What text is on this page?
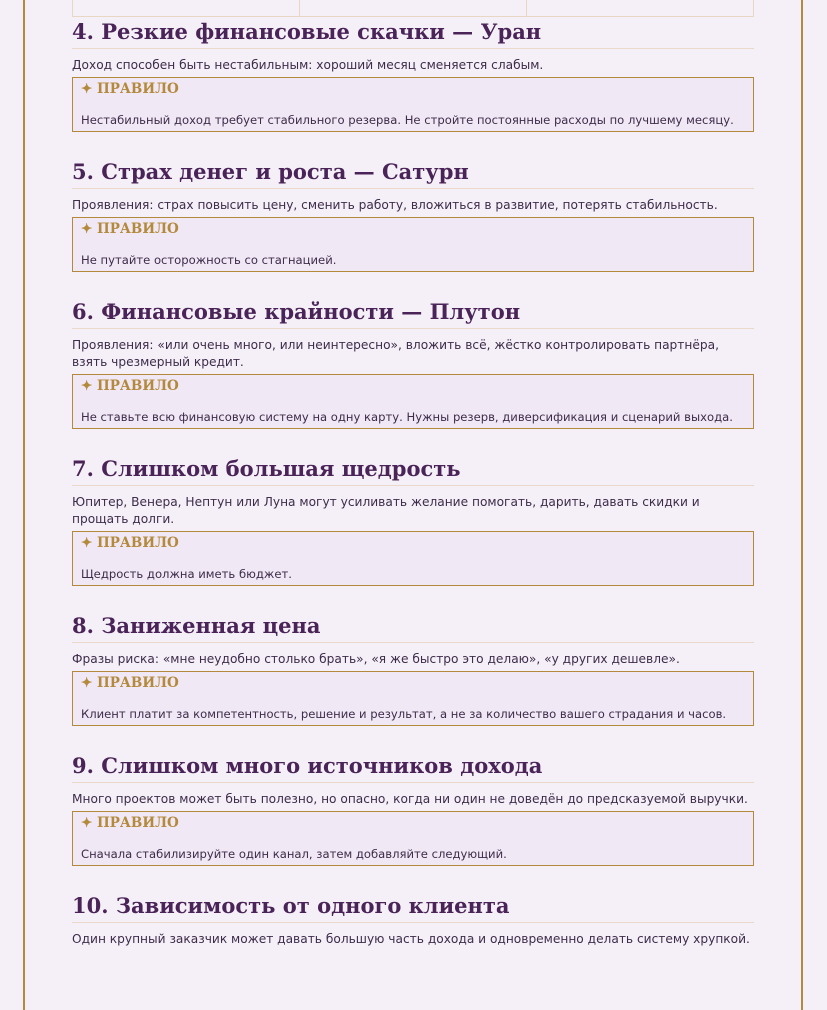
4. Резкие финансовые скачки — Уран
Доход способен быть нестабильным: хороший месяц сменяется слабым.
✦ ПРАВИЛО
Нестабильный доход требует стабильного резерва. Не стройте постоянные расходы по лучшему месяцу.
5. Страх денег и роста — Сатурн
Проявления: страх повысить цену, сменить работу, вложиться в развитие, потерять стабильность.
✦ ПРАВИЛО
Не путайте осторожность со стагнацией.
6. Финансовые крайности — Плутон
Проявления: «или очень много, или неинтересно», вложить всё, жёстко контролировать партнёра, взять чрезмерный кредит.
✦ ПРАВИЛО
Не ставьте всю финансовую систему на одну карту. Нужны резерв, диверсификация и сценарий выхода.
7. Слишком большая щедрость
Юпитер, Венера, Нептун или Луна могут усиливать желание помогать, дарить, давать скидки и прощать долги.
✦ ПРАВИЛО
Щедрость должна иметь бюджет.
8. Заниженная цена
Фразы риска: «мне неудобно столько брать», «я же быстро это делаю», «у других дешевле».
✦ ПРАВИЛО
Клиент платит за компетентность, решение и результат, а не за количество вашего страдания и часов.
9. Слишком много источников дохода
Много проектов может быть полезно, но опасно, когда ни один не доведён до предсказуемой выручки.
✦ ПРАВИЛО
Сначала стабилизируйте один канал, затем добавляйте следующий.
10. Зависимость от одного клиента
Один крупный заказчик может давать большую часть дохода и одновременно делать систему хрупкой.
